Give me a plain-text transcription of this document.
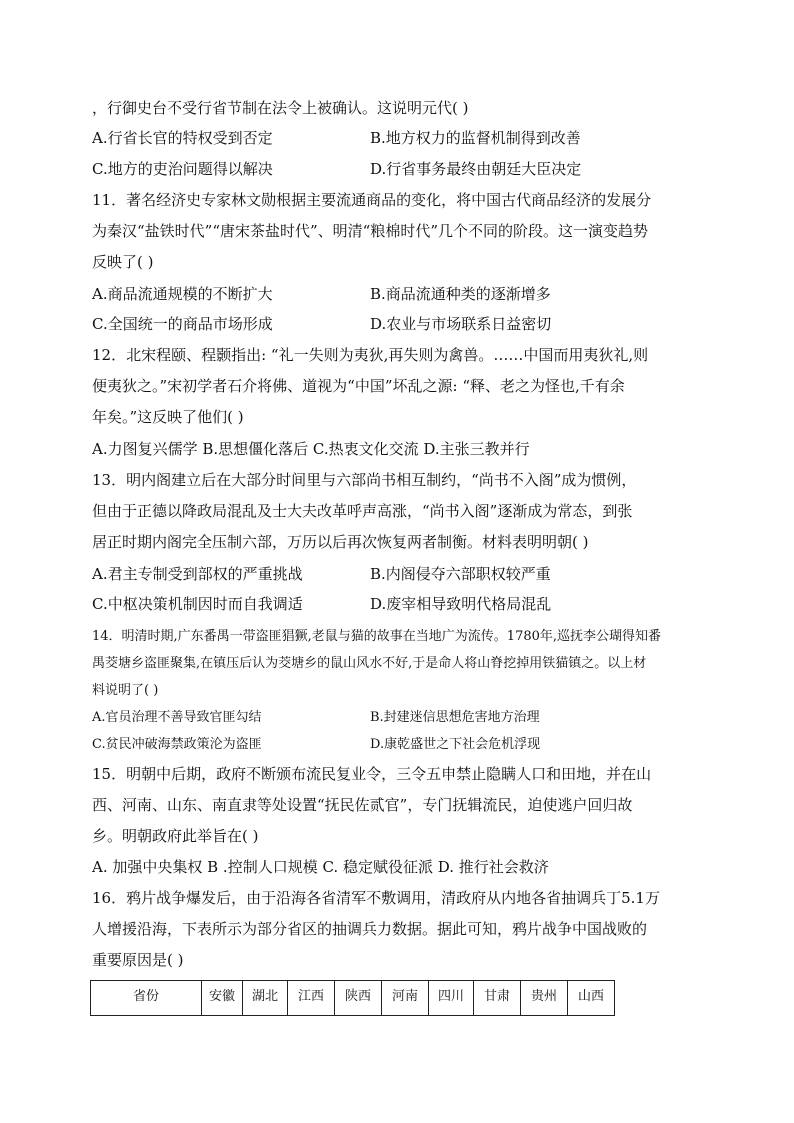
，行御史台不受行省节制在法令上被确认。这说明元代( )
A.行省长官的特权受到否定	B.地方权力的监督机制得到改善
C.地方的吏治问题得以解决	D.行省事务最终由朝廷大臣决定
11．著名经济史专家林文勋根据主要流通商品的变化，将中国古代商品经济的发展分
为秦汉“盐铁时代”“唐宋茶盐时代”、明清“粮棉时代”几个不同的阶段。这一演变趋势
反映了( )
A.商品流通规模的不断扩大	B.商品流通种类的逐渐增多
C.全国统一的商品市场形成	D.农业与市场联系日益密切
12．北宋程颐、程颢指出: “礼一失则为夷狄,再失则为禽兽。……中国而用夷狄礼,则
便夷狄之。”宋初学者石介将佛、道视为“中国”坏乱之源: “释、老之为怪也,千有余
年矣。”这反映了他们( )
A.力图复兴儒学 B.思想僵化落后 C.热衷文化交流 D.主张三教并行
13．明内阁建立后在大部分时间里与六部尚书相互制约，“尚书不入阁”成为惯例，
但由于正德以降政局混乱及士大夫改革呼声高涨，“尚书入阁”逐渐成为常态，到张
居正时期内阁完全压制六部，万历以后再次恢复两者制衡。材料表明明朝( )
A.君主专制受到部权的严重挑战	B.内阁侵夺六部职权较严重
C.中枢决策机制因时而自我调适	D.废宰相导致明代格局混乱
14．明清时期,广东番禺一带盗匪猖獗,老鼠与猫的故事在当地广为流传。1780年,巡抚李公瑚得知番
禺茭塘乡盗匪聚集,在镇压后认为茭塘乡的鼠山风水不好,于是命人将山脊挖掉用铁猫镇之。以上材
料说明了( )
A.官员治理不善导致官匪勾结	B.封建迷信思想危害地方治理
C.贫民冲破海禁政策沦为盗匪	D.康乾盛世之下社会危机浮现
15．明朝中后期，政府不断颁布流民复业令，三令五申禁止隐瞒人口和田地，并在山
西、河南、山东、南直隶等处设置“抚民佐贰官”，专门抚辑流民，迫使逃户回归故
乡。明朝政府此举旨在( )
A. 加强中央集权 B .控制人口规模 C. 稳定赋役征派 D. 推行社会救济
16．鸦片战争爆发后，由于沿海各省清军不敷调用，清政府从内地各省抽调兵丁5.1万
人增援沿海，下表所示为部分省区的抽调兵力数据。据此可知，鸦片战争中国战败的
重要原因是( )
省份	安徽	湖北	江西	陕西	河南	四川	甘肃	贵州	山西
